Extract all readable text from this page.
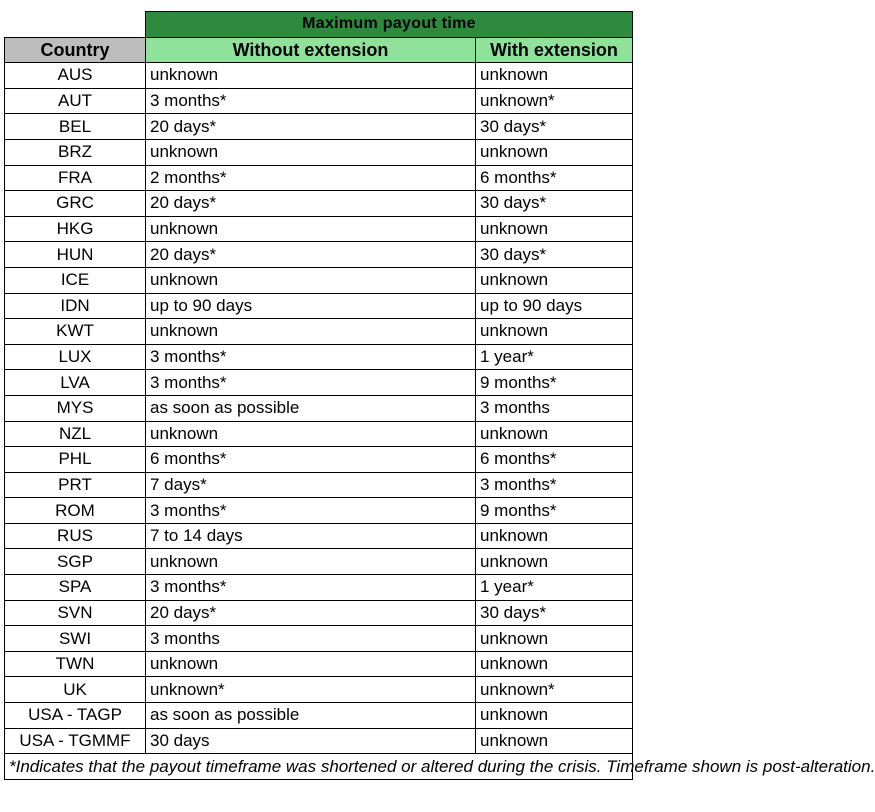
	Maximum payout time	
Country	Without extension	With extension
AUS	unknown	unknown
AUT	3 months*	unknown*
BEL	20 days*	30 days*
BRZ	unknown	unknown
FRA	2 months*	6 months*
GRC	20 days*	30 days*
HKG	unknown	unknown
HUN	20 days*	30 days*
ICE	unknown	unknown
IDN	up to 90 days	up to 90 days
KWT	unknown	unknown
LUX	3 months*	1 year*
LVA	3 months*	9 months*
MYS	as soon as possible	3 months
NZL	unknown	unknown
PHL	6 months*	6 months*
PRT	7 days*	3 months*
ROM	3 months*	9 months*
RUS	7 to 14 days	unknown
SGP	unknown	unknown
SPA	3 months*	1 year*
SVN	20 days*	30 days*
SWI	3 months	unknown
TWN	unknown	unknown
UK	unknown*	unknown*
USA - TAGP	as soon as possible	unknown
USA - TGMMF	30 days	unknown
*Indicates that the payout timeframe was shortened or altered during the crisis. Timeframe shown is post-alteration.		
